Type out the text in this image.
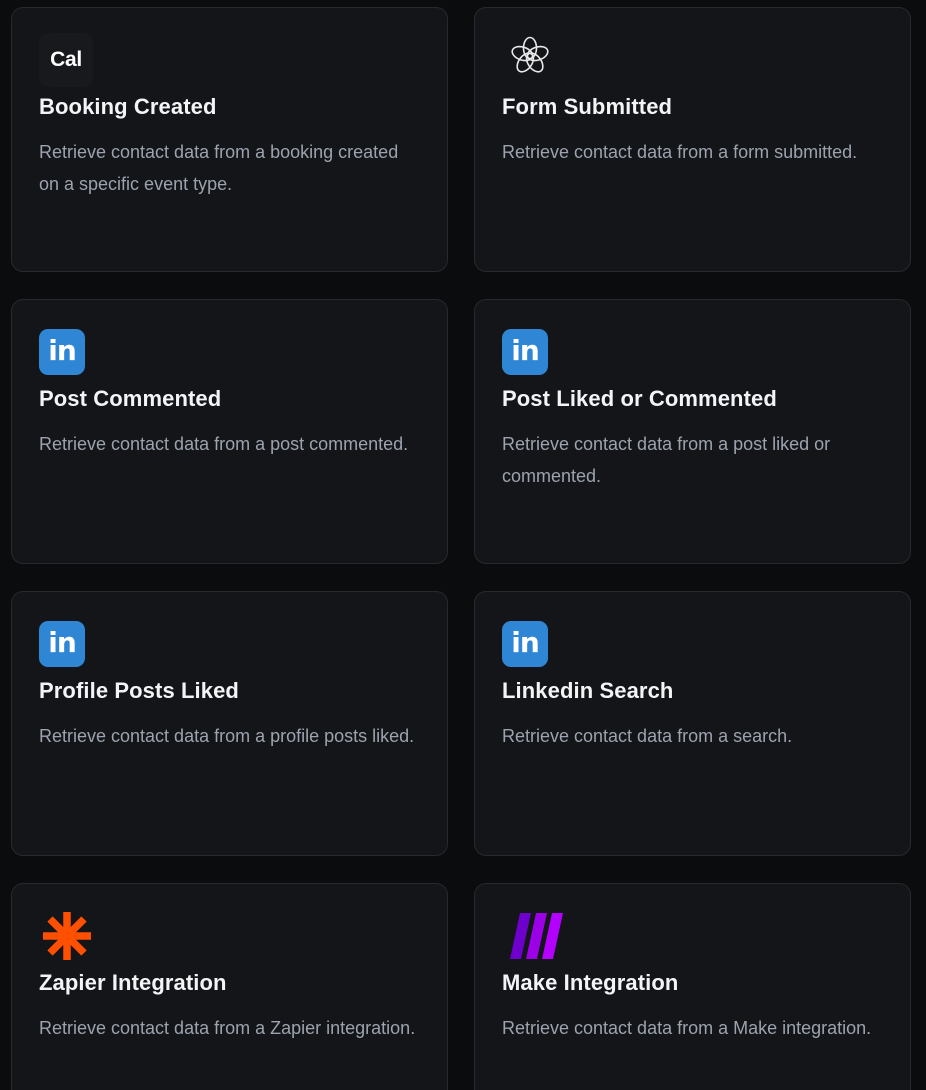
Cal
Booking Created
Retrieve contact data from a booking created on a specific event type.
Form Submitted
Retrieve contact data from a form submitted.
in
Post Commented
Retrieve contact data from a post commented.
in
Post Liked or Commented
Retrieve contact data from a post liked or commented.
in
Profile Posts Liked
Retrieve contact data from a profile posts liked.
in
Linkedin Search
Retrieve contact data from a search.
Zapier Integration
Retrieve contact data from a Zapier integration.
Make Integration
Retrieve contact data from a Make integration.
